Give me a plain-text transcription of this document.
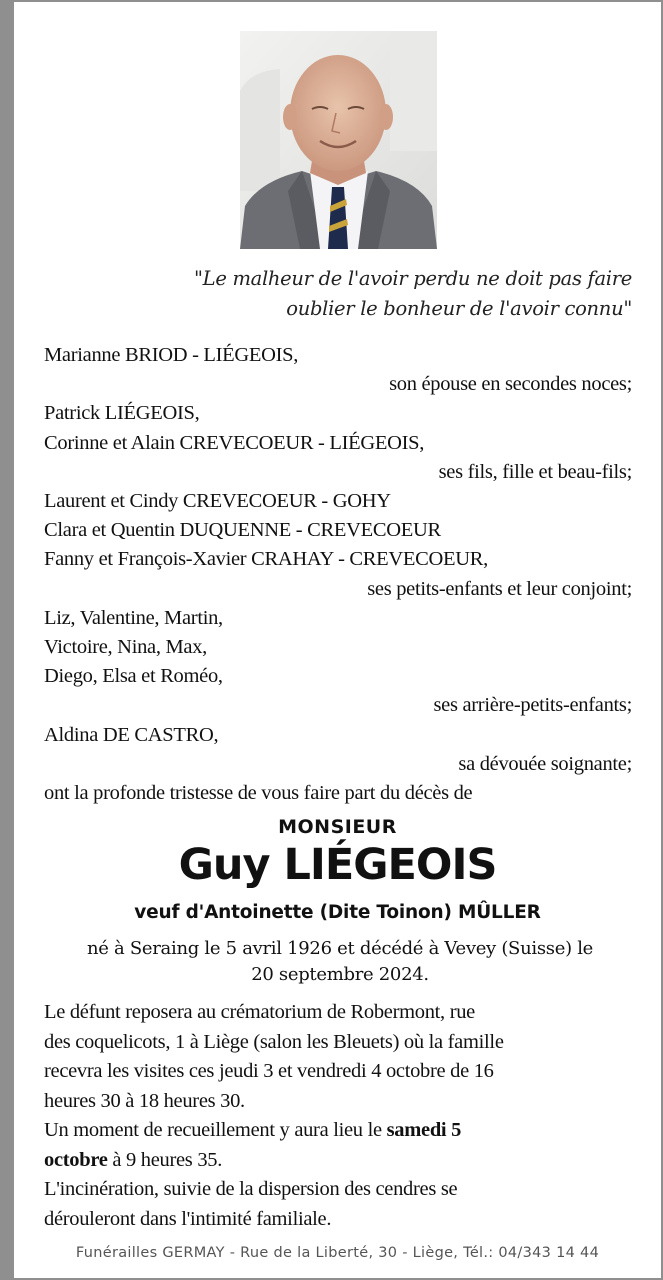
"Le malheur de l'avoir perdu ne doit pas faire
oublier le bonheur de l'avoir connu"
Marianne BRIOD - LIÉGEOIS,
son épouse en secondes noces;
Patrick LIÉGEOIS,
Corinne et Alain CREVECOEUR - LIÉGEOIS,
ses fils, fille et beau-fils;
Laurent et Cindy CREVECOEUR - GOHY
Clara et Quentin DUQUENNE - CREVECOEUR
Fanny et François-Xavier CRAHAY - CREVECOEUR,
ses petits-enfants et leur conjoint;
Liz, Valentine, Martin,
Victoire, Nina, Max,
Diego, Elsa et Roméo,
ses arrière-petits-enfants;
Aldina DE CASTRO,
sa dévouée soignante;
ont la profonde tristesse de vous faire part du décès de
MONSIEUR
Guy LIÉGEOIS
veuf d'Antoinette (Dite Toinon) MÛLLER
né à Seraing le 5 avril 1926 et décédé à Vevey (Suisse) le
20 septembre 2024.
Le défunt reposera au crématorium de Robermont, rue
des coquelicots, 1 à Liège (salon les Bleuets) où la famille
recevra les visites ces jeudi 3 et vendredi 4 octobre de 16
heures 30 à 18 heures 30.
Un moment de recueillement y aura lieu le samedi 5
octobre à 9 heures 35.
L'incinération, suivie de la dispersion des cendres se
dérouleront dans l'intimité familiale.
Funérailles GERMAY - Rue de la Liberté, 30 - Liège, Tél.: 04/343 14 44
